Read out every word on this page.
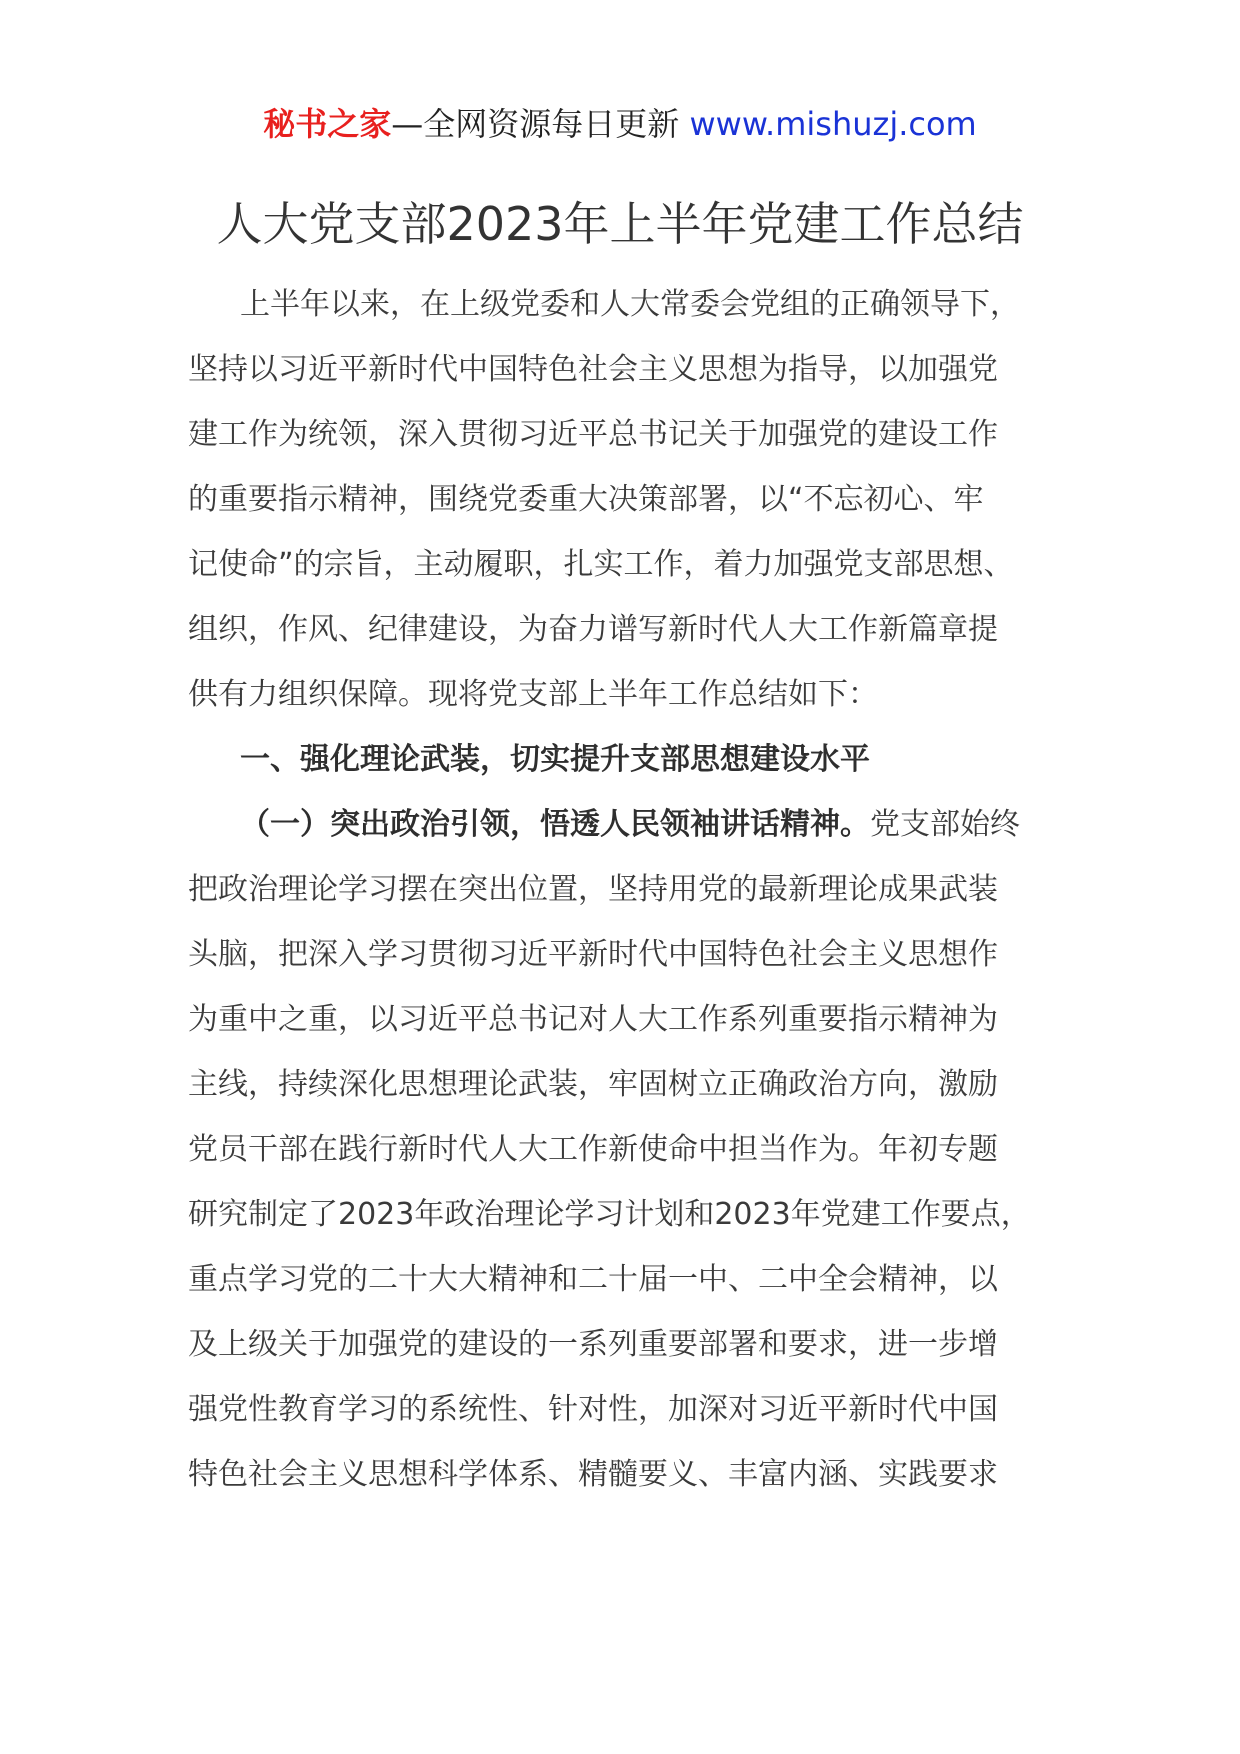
秘书之家—全网资源每日更新 www.mishuzj.com
人大党支部2023年上半年党建工作总结
上半年以来，在上级党委和人大常委会党组的正确领导下，
坚持以习近平新时代中国特色社会主义思想为指导，以加强党
建工作为统领，深入贯彻习近平总书记关于加强党的建设工作
的重要指示精神，围绕党委重大决策部署，以“不忘初心、牢
记使命”的宗旨，主动履职，扎实工作，着力加强党支部思想、
组织，作风、纪律建设，为奋力谱写新时代人大工作新篇章提
供有力组织保障。现将党支部上半年工作总结如下：
一、强化理论武装，切实提升支部思想建设水平
（一）突出政治引领，悟透人民领袖讲话精神。党支部始终
把政治理论学习摆在突出位置，坚持用党的最新理论成果武装
头脑，把深入学习贯彻习近平新时代中国特色社会主义思想作
为重中之重，以习近平总书记对人大工作系列重要指示精神为
主线，持续深化思想理论武装，牢固树立正确政治方向，激励
党员干部在践行新时代人大工作新使命中担当作为。年初专题
研究制定了2023年政治理论学习计划和2023年党建工作要点，
重点学习党的二十大大精神和二十届一中、二中全会精神，以
及上级关于加强党的建设的一系列重要部署和要求，进一步增
强党性教育学习的系统性、针对性，加深对习近平新时代中国
特色社会主义思想科学体系、精髓要义、丰富内涵、实践要求
